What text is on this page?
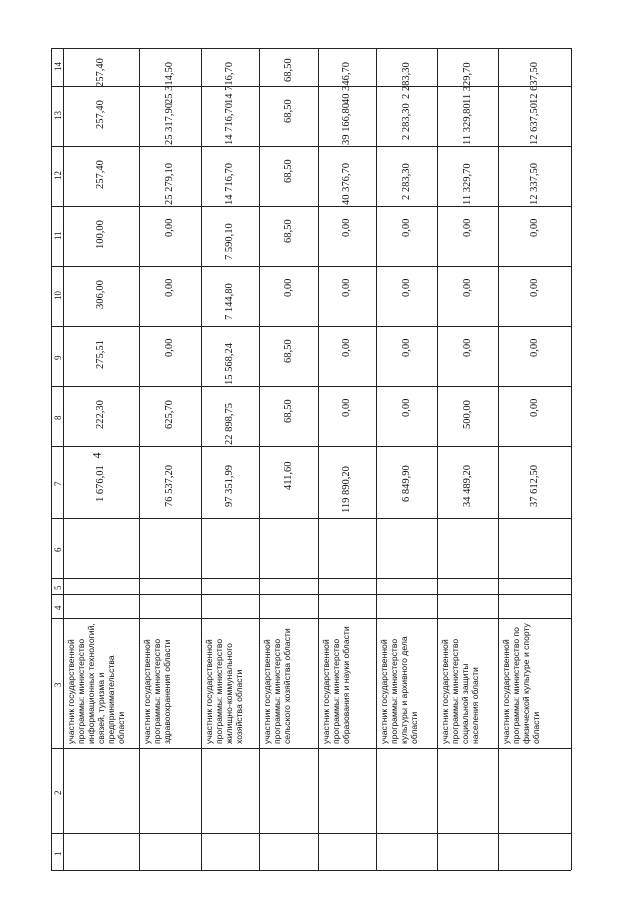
4
1
2
3
4
5
6
7
8
9
10
11
12
13
14
участник государственной программы: министерство информационных технологий, связей, туризма и предпринимательства области
1 676,01
222,30
275,51
306,00
100,00
257,40
257,40
257,40
участник государственной программы: министерство здравоохранения области
76 537,20
625,70
0,00
0,00
0,00
25 279,10
25 317,90
25 314,50
участник государственной программы: министерство жилищно-коммунального хозяйства области
97 351,99
22 898,75
15 568,24
7 144,80
7 590,10
14 716,70
14 716,70
14 716,70
участник государственной программы: министерство сельского хозяйства области
411,60
68,50
68,50
0,00
68,50
68,50
68,50
68,50
участник государственной программы: министерство образования и науки области
119 890,20
0,00
0,00
0,00
0,00
40 376,70
39 166,80
40 346,70
участник государственной программы: министерство культуры и архивного дела области
6 849,90
0,00
0,00
0,00
0,00
2 283,30
2 283,30
2 283,30
участник государственной программы: министерство социальной защиты населения области
34 489,20
500,00
0,00
0,00
0,00
11 329,70
11 329,80
11 329,70
участник государственной программы: министерство по физической культуре и спорту области
37 612,50
0,00
0,00
0,00
0,00
12 337,50
12 637,50
12 637,50
